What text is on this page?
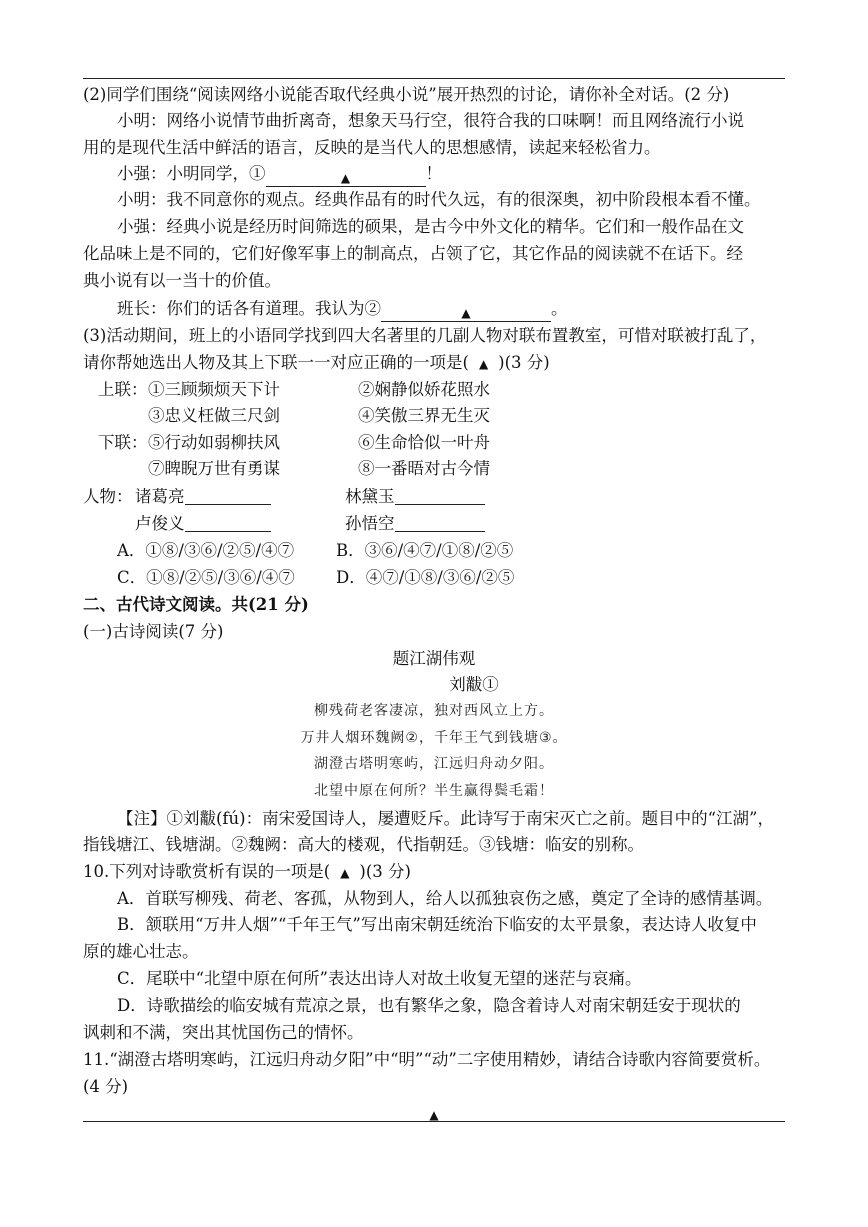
(2)同学们围绕“阅读网络小说能否取代经典小说”展开热烈的讨论，请你补全对话。(2 分)
小明：网络小说情节曲折离奇，想象天马行空，很符合我的口味啊！而且网络流行小说
用的是现代生活中鲜活的语言，反映的是当代人的思想感情，读起来轻松省力。
小强：小明同学，①	▲	！
小明：我不同意你的观点。经典作品有的时代久远，有的很深奥，初中阶段根本看不懂。
小强：经典小说是经历时间筛选的硕果，是古今中外文化的精华。它们和一般作品在文
化品味上是不同的，它们好像军事上的制高点，占领了它，其它作品的阅读就不在话下。经
典小说有以一当十的价值。
班长：你们的话各有道理。我认为②	▲	。
(3)活动期间，班上的小语同学找到四大名著里的几副人物对联布置教室，可惜对联被打乱了，
请你帮她选出人物及其上下联一一对应正确的一项是( ▲ )(3 分)
上联： ①三顾频烦天下计	②娴静似娇花照水
③忠义枉做三尺剑	④笑傲三界无生灭
下联： ⑤行动如弱柳扶风	⑥生命恰似一叶舟
⑦睥睨万世有勇谋	⑧一番晤对古今情
人物： 诸葛亮	林黛玉
卢俊义	孙悟空
A．①⑧/③⑥/②⑤/④⑦	B．③⑥/④⑦/①⑧/②⑤
C．①⑧/②⑤/③⑥/④⑦ D．④⑦/①⑧/③⑥/②⑤
二、古代诗文阅读。共(21 分)
(一)古诗阅读(7 分)
题江湖伟观
刘黻①
柳残荷老客凄凉，独对西风立上方。
万井人烟环魏阙②，千年王气到钱塘③。
湖澄古塔明寒屿，江远归舟动夕阳。
北望中原在何所？半生赢得鬓毛霜！
【注】①刘黻(fú)：南宋爱国诗人，屡遭贬斥。此诗写于南宋灭亡之前。题目中的“江湖”，
指钱塘江、钱塘湖。②魏阙：高大的楼观，代指朝廷。③钱塘：临安的别称。
10.下列对诗歌赏析有误的一项是( ▲ )(3 分)
A．首联写柳残、荷老、客孤，从物到人，给人以孤独哀伤之感，奠定了全诗的感情基调。
B．颔联用“万井人烟”“千年王气”写出南宋朝廷统治下临安的太平景象，表达诗人收复中
原的雄心壮志。
C．尾联中“北望中原在何所”表达出诗人对故土收复无望的迷茫与哀痛。
D．诗歌描绘的临安城有荒凉之景，也有繁华之象，隐含着诗人对南宋朝廷安于现状的
讽刺和不满，突出其忧国伤己的情怀。
11.“湖澄古塔明寒屿，江远归舟动夕阳”中“明”“动”二字使用精妙，请结合诗歌内容简要赏析。
(4 分)
▲
